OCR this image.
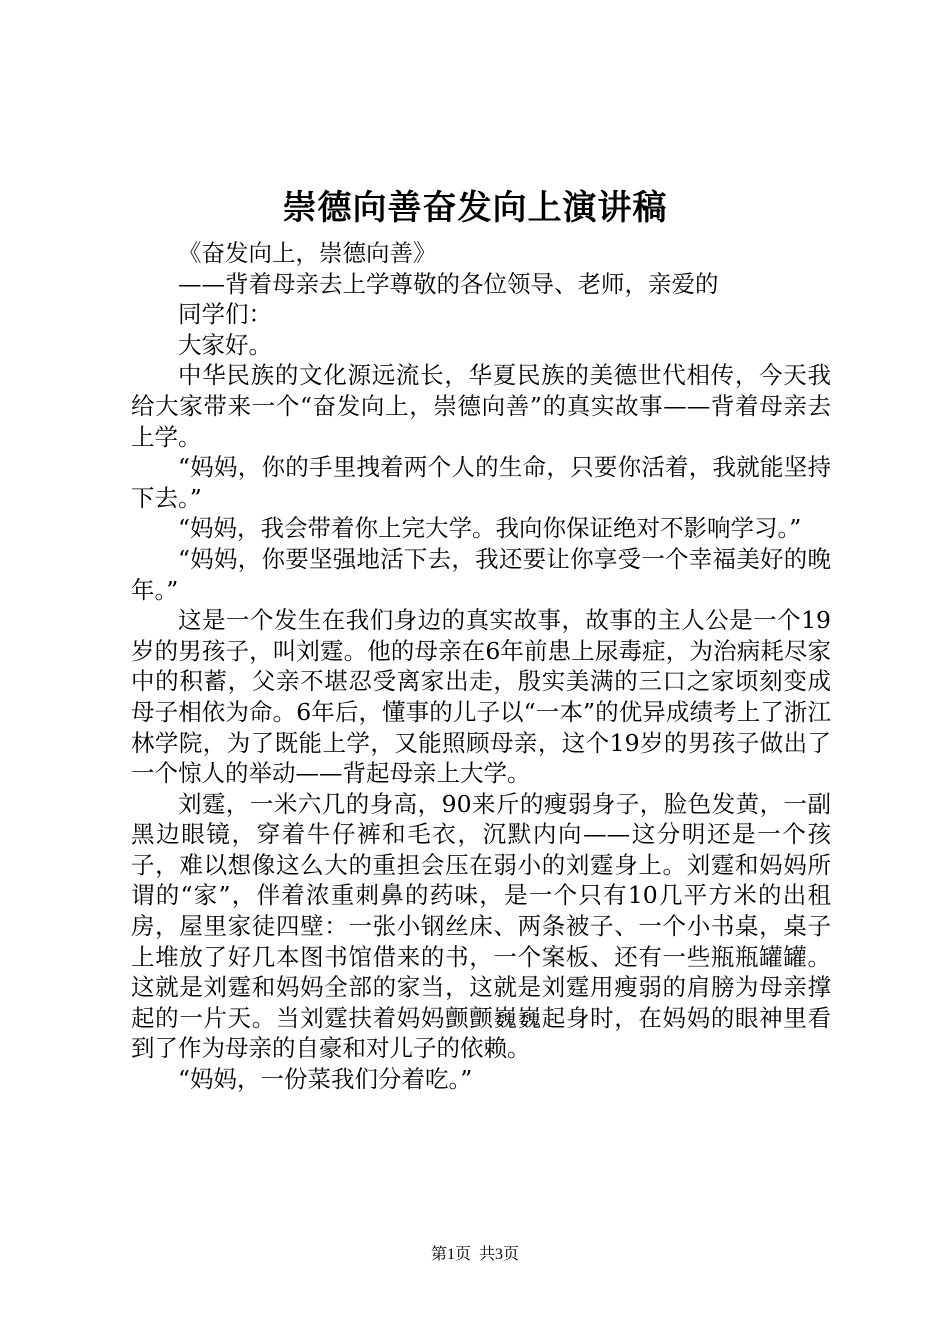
崇德向善奋发向上演讲稿

《奋发向上，崇德向善》

——背着母亲去上学尊敬的各位领导、老师，亲爱的

同学们：

大家好。

中华民族的文化源远流长，华夏民族的美德世代相传，今天我给大家带来一个“奋发向上，崇德向善”的真实故事——背着母亲去上学。

“妈妈，你的手里拽着两个人的生命，只要你活着，我就能坚持下去。”

“妈妈，我会带着你上完大学。我向你保证绝对不影响学习。”

“妈妈，你要坚强地活下去，我还要让你享受一个幸福美好的晚年。”

这是一个发生在我们身边的真实故事，故事的主人公是一个19岁的男孩子，叫刘霆。他的母亲在6年前患上尿毒症，为治病耗尽家中的积蓄，父亲不堪忍受离家出走，殷实美满的三口之家顷刻变成母子相依为命。6年后，懂事的儿子以“一本”的优异成绩考上了浙江林学院，为了既能上学，又能照顾母亲，这个19岁的男孩子做出了一个惊人的举动——背起母亲上大学。

刘霆，一米六几的身高，90来斤的瘦弱身子，脸色发黄，一副黑边眼镜，穿着牛仔裤和毛衣，沉默内向——这分明还是一个孩子，难以想像这么大的重担会压在弱小的刘霆身上。刘霆和妈妈所谓的“家”，伴着浓重刺鼻的药味，是一个只有10几平方米的出租房，屋里家徒四壁：一张小钢丝床、两条被子、一个小书桌，桌子上堆放了好几本图书馆借来的书，一个案板、还有一些瓶瓶罐罐。这就是刘霆和妈妈全部的家当，这就是刘霆用瘦弱的肩膀为母亲撑起的一片天。当刘霆扶着妈妈颤颤巍巍起身时，在妈妈的眼神里看到了作为母亲的自豪和对儿子的依赖。

“妈妈，一份菜我们分着吃。”

第1页 共3页
